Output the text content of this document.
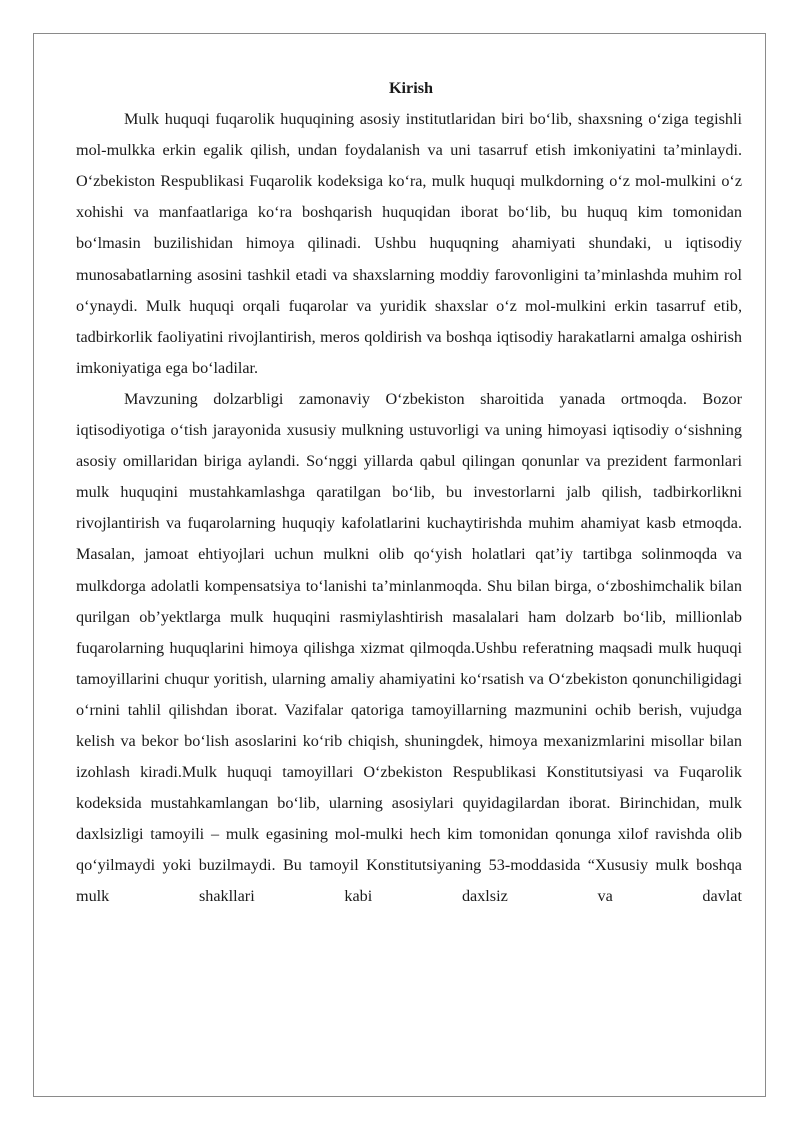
Kirish

Mulk huquqi fuqarolik huquqining asosiy institutlaridan biri bo‘lib, shaxsning o‘ziga tegishli mol-mulkka erkin egalik qilish, undan foydalanish va uni tasarruf etish imkoniyatini ta’minlaydi. O‘zbekiston Respublikasi Fuqarolik kodeksiga ko‘ra, mulk huquqi mulkdorning o‘z mol-mulkini o‘z xohishi va manfaatlariga ko‘ra boshqarish huquqidan iborat bo‘lib, bu huquq kim tomonidan bo‘lmasin buzilishidan himoya qilinadi. Ushbu huquqning ahamiyati shundaki, u iqtisodiy munosabatlarning asosini tashkil etadi va shaxslarning moddiy farovonligini ta’minlashda muhim rol o‘ynaydi. Mulk huquqi orqali fuqarolar va yuridik shaxslar o‘z mol-mulkini erkin tasarruf etib, tadbirkorlik faoliyatini rivojlantirish, meros qoldirish va boshqa iqtisodiy harakatlarni amalga oshirish imkoniyatiga ega bo‘ladilar.

Mavzuning dolzarbligi zamonaviy O‘zbekiston sharoitida yanada ortmoqda. Bozor iqtisodiyotiga o‘tish jarayonida xususiy mulkning ustuvorligi va uning himoyasi iqtisodiy o‘sishning asosiy omillaridan biriga aylandi. So‘nggi yillarda qabul qilingan qonunlar va prezident farmonlari mulk huquqini mustahkamlashga qaratilgan bo‘lib, bu investorlarni jalb qilish, tadbirkorlikni rivojlantirish va fuqarolarning huquqiy kafolatlarini kuchaytirishda muhim ahamiyat kasb etmoqda. Masalan, jamoat ehtiyojlari uchun mulkni olib qo‘yish holatlari qat’iy tartibga solinmoqda va mulkdorga adolatli kompensatsiya to‘lanishi ta’minlanmoqda. Shu bilan birga, o‘zboshimchalik bilan qurilgan ob’yektlarga mulk huquqini rasmiylashtirish masalalari ham dolzarb bo‘lib, millionlab fuqarolarning huquqlarini himoya qilishga xizmat qilmoqda.Ushbu referatning maqsadi mulk huquqi tamoyillarini chuqur yoritish, ularning amaliy ahamiyatini ko‘rsatish va O‘zbekiston qonunchiligidagi o‘rnini tahlil qilishdan iborat. Vazifalar qatoriga tamoyillarning mazmunini ochib berish, vujudga kelish va bekor bo‘lish asoslarini ko‘rib chiqish, shuningdek, himoya mexanizmlarini misollar bilan izohlash kiradi.Mulk huquqi tamoyillari O‘zbekiston Respublikasi Konstitutsiyasi va Fuqarolik kodeksida mustahkamlangan bo‘lib, ularning asosiylari quyidagilardan iborat. Birinchidan, mulk daxlsizligi tamoyili – mulk egasining mol-mulki hech kim tomonidan qonunga xilof ravishda olib qo‘yilmaydi yoki buzilmaydi. Bu tamoyil Konstitutsiyaning 53-moddasida “Xususiy mulk boshqa mulk shakllari kabi daxlsiz va davlat
